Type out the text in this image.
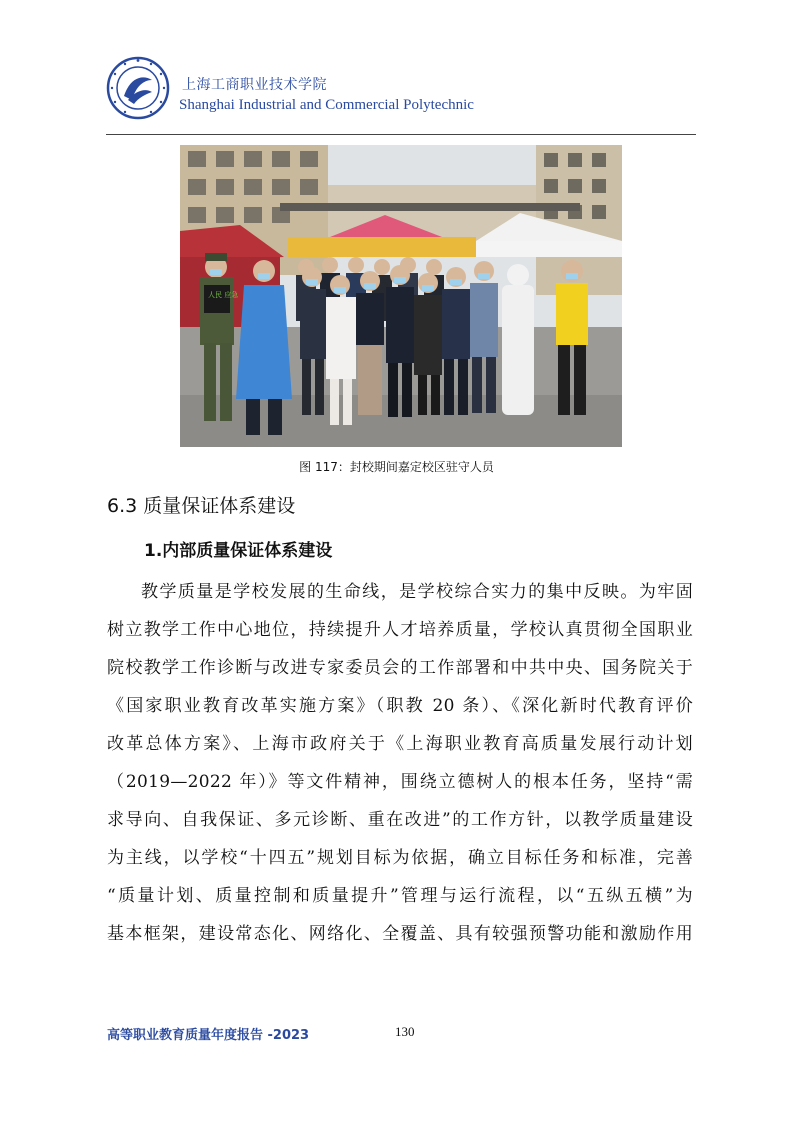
上海工商职业技术学院
Shanghai Industrial and Commercial Polytechnic
人民 应急
图 117：封校期间嘉定校区驻守人员
6.3 质量保证体系建设
1.内部质量保证体系建设
教学质量是学校发展的生命线，是学校综合实力的集中反映。为牢固
树立教学工作中心地位，持续提升人才培养质量，学校认真贯彻全国职业
院校教学工作诊断与改进专家委员会的工作部署和中共中央、国务院关于
《国家职业教育改革实施方案》（职教 20 条）、《深化新时代教育评价
改革总体方案》、上海市政府关于《上海职业教育高质量发展行动计划
（2019—2022 年）》等文件精神，围绕立德树人的根本任务，坚持“需
求导向、自我保证、多元诊断、重在改进”的工作方针，以教学质量建设
为主线，以学校“十四五”规划目标为依据，确立目标任务和标准，完善
“质量计划、质量控制和质量提升”管理与运行流程，以“五纵五横”为
基本框架，建设常态化、网络化、全覆盖、具有较强预警功能和激励作用
高等职业教育质量年度报告 -2023	130
